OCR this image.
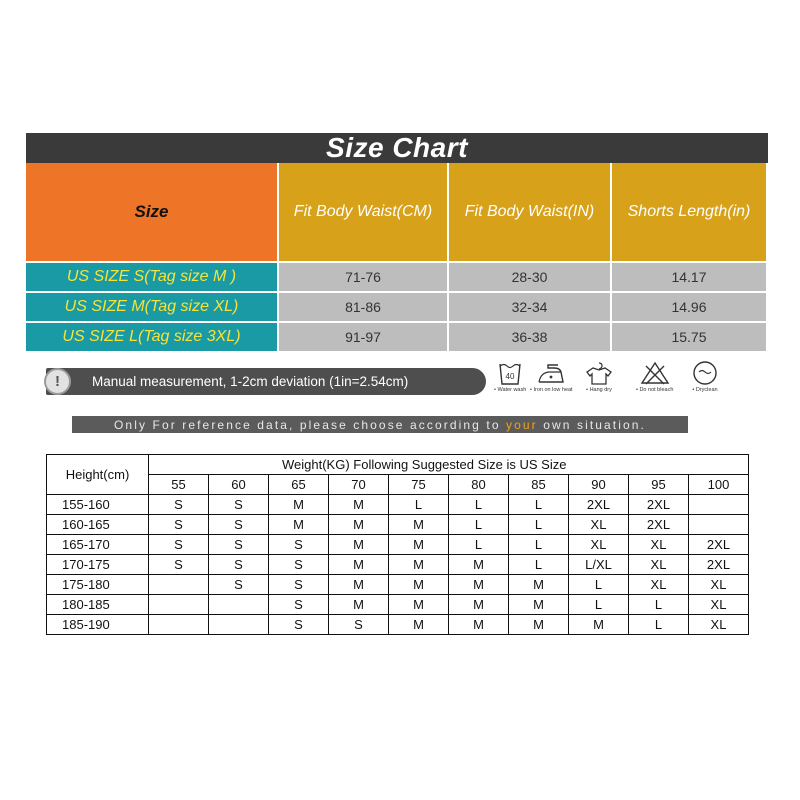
Size Chart
Size	Fit Body Waist(CM)	Fit Body Waist(IN)	Shorts Length(in)
US SIZE S(Tag size M )	71-76	28-30	14.17
US SIZE M(Tag size XL)	81-86	32-34	14.96
US SIZE L(Tag size 3XL)	91-97	36-38	15.75
!	Manual measurement, 1-2cm deviation (1in=2.54cm)	40
• Water wash • Iron on low heat • Hang dry	• Do not bleach	• Dryclean
Only For reference data, please choose according to your own situation.
Height(cm)	Weight(KG) Following Suggested Size is US Size									
	55	60	65	70	75	80	85	90	95	100
155-160	S	S	M	M	L	L	L	2XL	2XL	
160-165	S	S	M	M	M	L	L	XL	2XL	
165-170	S	S	S	M	M	L	L	XL	XL	2XL
170-175	S	S	S	M	M	M	L	L/XL	XL	2XL
175-180		S	S	M	M	M	M	L	XL	XL
180-185			S	M	M	M	M	L	L	XL
185-190			S	S	M	M	M	M	L	XL
